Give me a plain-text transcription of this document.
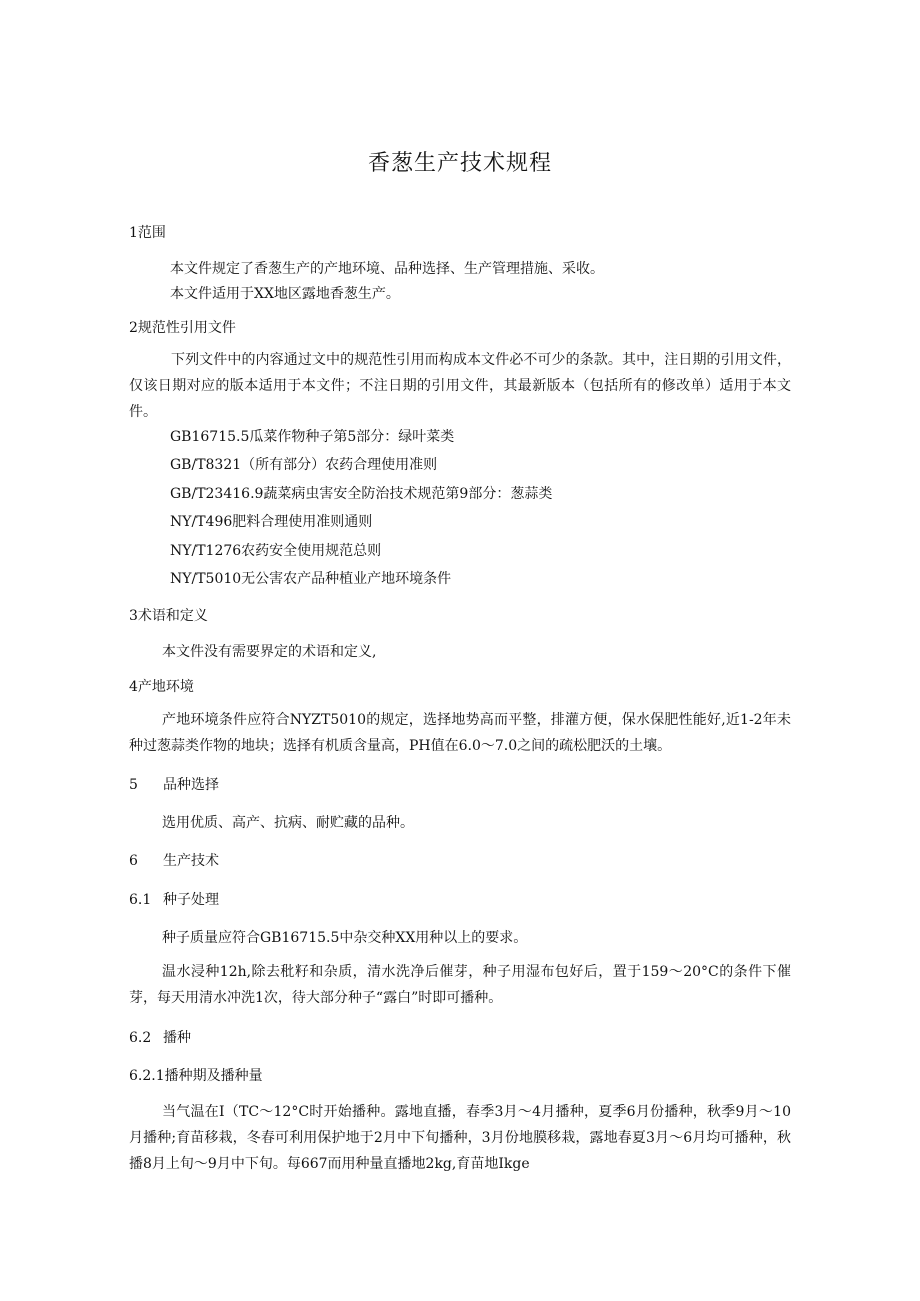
香葱生产技术规程
1范围
本文件规定了香葱生产的产地环境、品种选择、生产管理措施、采收。
本文件适用于XX地区露地香葱生产。
2规范性引用文件
下列文件中的内容通过文中的规范性引用而构成本文件必不可少的条款。其中，注日期的引用文件，仅该日期对应的版本适用于本文件；不注日期的引用文件，其最新版本（包括所有的修改单）适用于本文件。
GB16715.5瓜菜作物种子第5部分：绿叶菜类
GB/T8321（所有部分）农药合理使用准则
GB/T23416.9蔬菜病虫害安全防治技术规范第9部分：葱蒜类
NY/T496肥料合理使用准则通则
NY/T1276农药安全使用规范总则
NY/T5010无公害农产品种植业产地环境条件
3术语和定义
本文件没有需要界定的术语和定义,
4产地环境
产地环境条件应符合NYZT5010的规定，选择地势高而平整，排灌方便，保水保肥性能好,近1-2年未种过葱蒜类作物的地块；选择有机质含量高，PH值在6.0～7.0之间的疏松肥沃的土壤。
5 品种选择
选用优质、高产、抗病、耐贮藏的品种。
6 生产技术
6.1 种子处理
种子质量应符合GB16715.5中杂交种XX用种以上的要求。
温水浸种12h,除去秕籽和杂质，清水洗净后催芽，种子用湿布包好后，置于159～20°C的条件下催芽，每天用清水冲洗1次，待大部分种子“露白”时即可播种。
6.2 播种
6.2.1播种期及播种量
当气温在I（TC～12°C时开始播种。露地直播，春季3月～4月播种，夏季6月份播种，秋季9月～10月播种;育苗移栽，冬春可利用保护地于2月中下旬播种，3月份地膜移栽，露地春夏3月～6月均可播种，秋播8月上旬～9月中下旬。每667而用种量直播地2kg,育苗地Ikge
